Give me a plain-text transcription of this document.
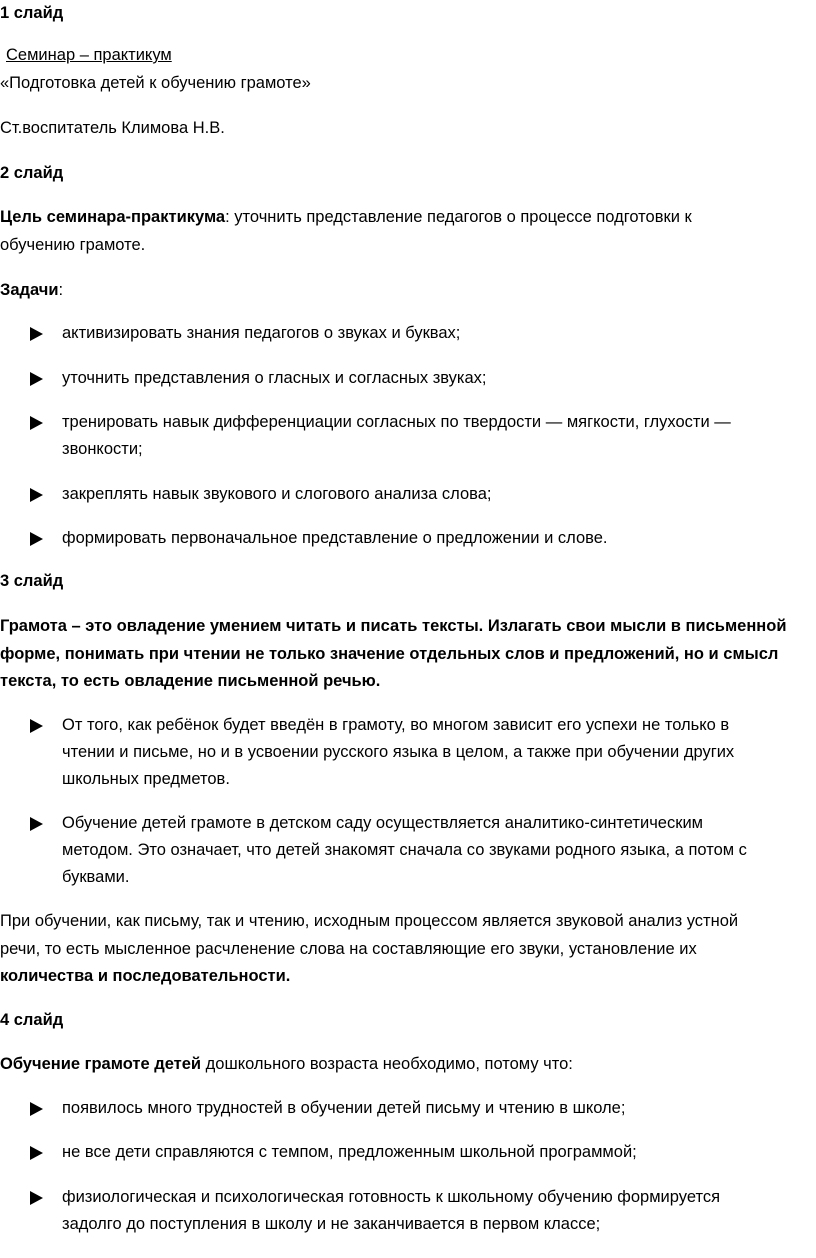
1 слайд
Семинар – практикум
«Подготовка детей к обучению грамоте»
Ст.воспитатель Климова Н.В.
2 слайд
Цель семинара-практикума: уточнить представление педагогов о процессе подготовки к
обучению грамоте.
Задачи:
активизировать знания педагогов о звуках и буквах;
уточнить представления о гласных и согласных звуках;
тренировать навык дифференциации согласных по твердости — мягкости, глухости —
звонкости;
закреплять навык звукового и слогового анализа слова;
формировать первоначальное представление о предложении и слове.
3 слайд
Грамота – это овладение умением читать и писать тексты. Излагать свои мысли в письменной
форме, понимать при чтении не только значение отдельных слов и предложений, но и смысл
текста, то есть овладение письменной речью.
От того, как ребёнок будет введён в грамоту, во многом зависит его успехи не только в
чтении и письме, но и в усвоении русского языка в целом, а также при обучении других
школьных предметов.
Обучение детей грамоте в детском саду осуществляется аналитико-синтетическим
методом. Это означает, что детей знакомят сначала со звуками родного языка, а потом с
буквами.
При обучении, как письму, так и чтению, исходным процессом является звуковой анализ устной
речи, то есть мысленное расчленение слова на составляющие его звуки, установление их
количества и последовательности.
4 слайд
Обучение грамоте детей дошкольного возраста необходимо, потому что:
появилось много трудностей в обучении детей письму и чтению в школе;
не все дети справляются с темпом, предложенным школьной программой;
физиологическая и психологическая готовность к школьному обучению формируется
задолго до поступления в школу и не заканчивается в первом классе;
